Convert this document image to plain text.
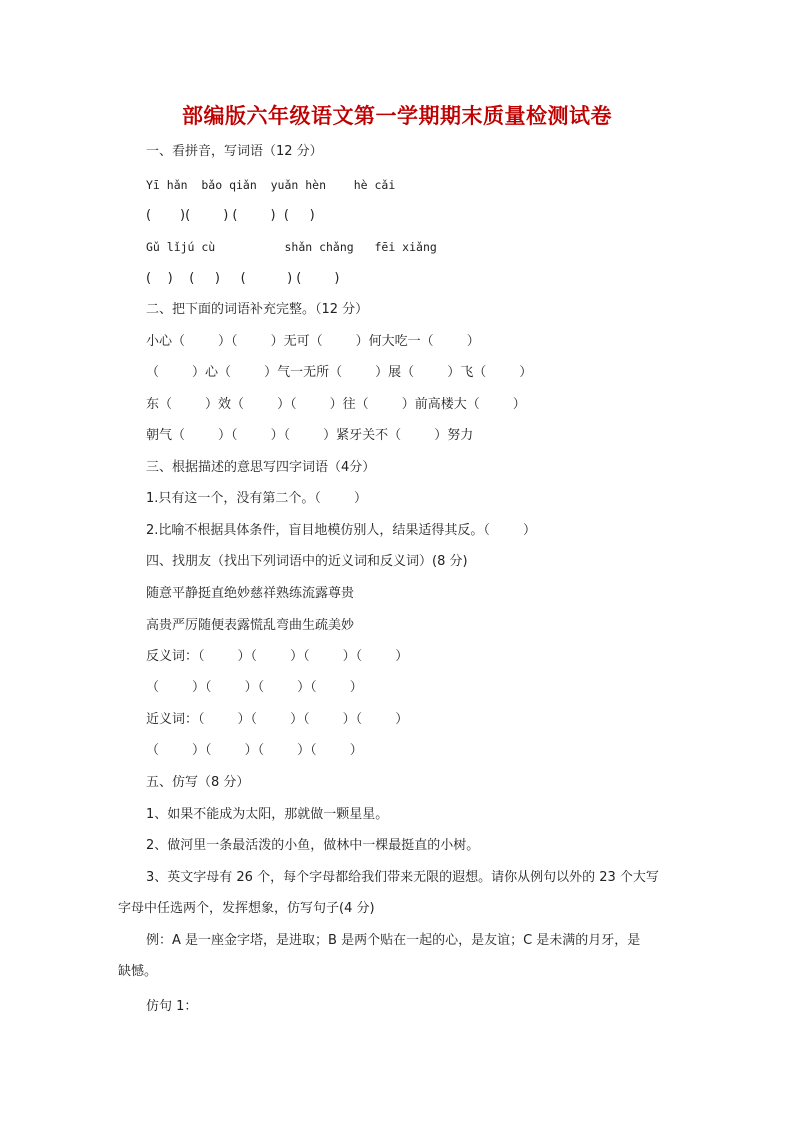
部编版六年级语文第一学期期末质量检测试卷
一、看拼音，写词语（12 分）
Yī hǎn  bǎo qiǎn  yuǎn hèn    hè cǎi
(       )(        ) (        )  (     )
Gǔ lǐjú cù          shǎn chǎng   fēi xiǎng
(    )    (     )     (          ) (        )
二、把下面的词语补充完整。（12 分）
小心（        ）（        ）无可（        ）何大吃一（        ）
（        ）心（        ）气一无所（        ）展（        ）飞（        ）
东（        ）效（        ）（        ）往（        ）前高楼大（        ）
朝气（        ）（        ）（        ）紧牙关不（        ）努力
三、根据描述的意思写四字词语（4分）
1.只有这一个，没有第二个。（        ）
2.比喻不根据具体条件，盲目地模仿别人，结果适得其反。（        ）
四、找朋友（找出下列词语中的近义词和反义词）(8 分)
随意平静挺直绝妙慈祥熟练流露尊贵
高贵严厉随便表露慌乱弯曲生疏美妙
反义词：（        ）（        ）（        ）（        ）
（        ）（        ）（        ）（        ）
近义词：（        ）（        ）（        ）（        ）
（        ）（        ）（        ）（        ）
五、仿写（8 分）
1、如果不能成为太阳，那就做一颗星星。
2、做河里一条最活泼的小鱼，做林中一棵最挺直的小树。
3、英文字母有 26 个，每个字母都给我们带来无限的遐想。请你从例句以外的 23 个大写
字母中任选两个，发挥想象，仿写句子(4 分)
例：A 是一座金字塔，是进取；B 是两个贴在一起的心，是友谊；C 是未满的月牙，是
缺憾。
仿句 1：
